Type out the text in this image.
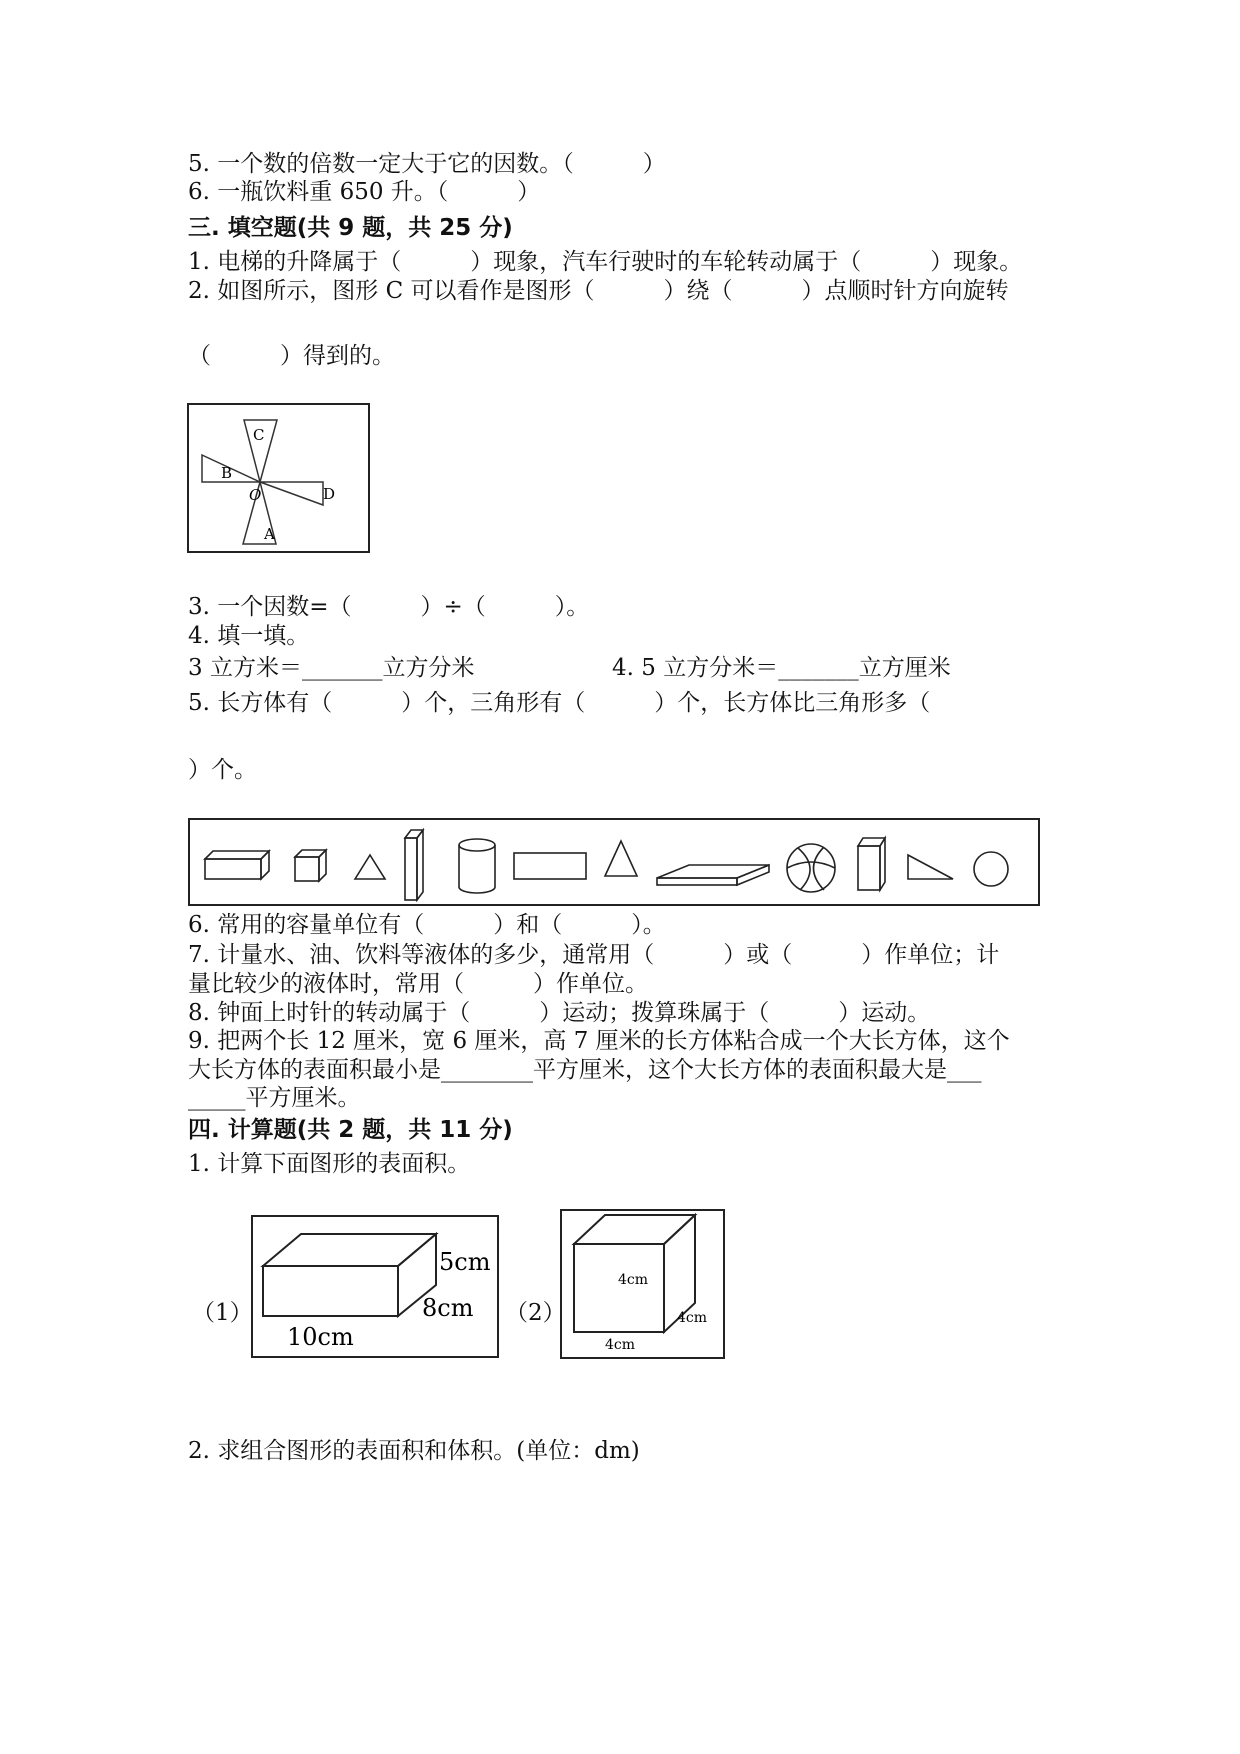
5. 一个数的倍数一定大于它的因数。（　　　）
6. 一瓶饮料重 650 升。（　　　）
三. 填空题(共 9 题，共 25 分)
1. 电梯的升降属于（　　　）现象，汽车行驶时的车轮转动属于（　　　）现象。
2. 如图所示，图形 C 可以看作是图形（　　　）绕（　　　）点顺时针方向旋转
（　　　）得到的。
C
B
O	D
A
3. 一个因数=（　　　）÷（　　　）。
4. 填一填。
3 立方米＝_______立方分米	4. 5 立方分米＝_______立方厘米
5. 长方体有（　　　）个，三角形有（　　　）个，长方体比三角形多（
）个。
6. 常用的容量单位有（　　　）和（　　　）。
7. 计量水、油、饮料等液体的多少，通常用（　　　）或（　　　）作单位；计
量比较少的液体时，常用（　　　）作单位。
8. 钟面上时针的转动属于（　　　）运动；拨算珠属于（　　　）运动。
9. 把两个长 12 厘米，宽 6 厘米，高 7 厘米的长方体粘合成一个大长方体，这个
大长方体的表面积最小是________平方厘米，这个大长方体的表面积最大是___
_____平方厘米。
四. 计算题(共 2 题，共 11 分)
1. 计算下面图形的表面积。
（1）
5cm
8cm
10cm
（2）
4cm
4cm
4cm
2. 求组合图形的表面积和体积。(单位：dm)
